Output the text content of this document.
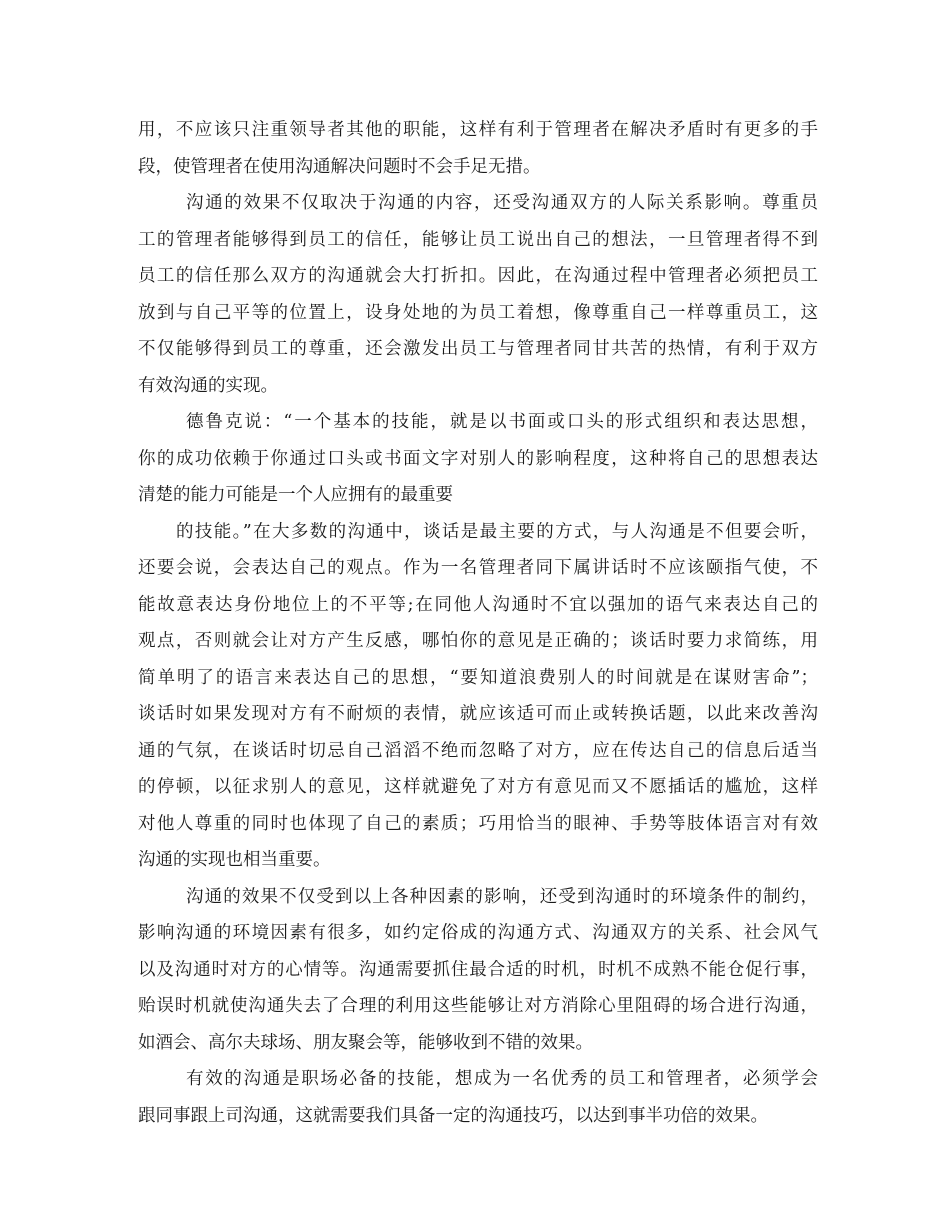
用，不应该只注重领导者其他的职能，这样有利于管理者在解决矛盾时有更多的手
段，使管理者在使用沟通解决问题时不会手足无措。
沟通的效果不仅取决于沟通的内容，还受沟通双方的人际关系影响。尊重员
工的管理者能够得到员工的信任，能够让员工说出自己的想法，一旦管理者得不到
员工的信任那么双方的沟通就会大打折扣。因此，在沟通过程中管理者必须把员工
放到与自己平等的位置上，设身处地的为员工着想，像尊重自己一样尊重员工，这
不仅能够得到员工的尊重，还会激发出员工与管理者同甘共苦的热情，有利于双方
有效沟通的实现。
德鲁克说：“一个基本的技能，就是以书面或口头的形式组织和表达思想，
你的成功依赖于你通过口头或书面文字对别人的影响程度，这种将自己的思想表达
清楚的能力可能是一个人应拥有的最重要
的技能。”在大多数的沟通中，谈话是最主要的方式，与人沟通是不但要会听，
还要会说，会表达自己的观点。作为一名管理者同下属讲话时不应该颐指气使，不
能故意表达身份地位上的不平等;在同他人沟通时不宜以强加的语气来表达自己的
观点，否则就会让对方产生反感，哪怕你的意见是正确的；谈话时要力求简练，用
简单明了的语言来表达自己的思想，“要知道浪费别人的时间就是在谋财害命”；
谈话时如果发现对方有不耐烦的表情，就应该适可而止或转换话题，以此来改善沟
通的气氛，在谈话时切忌自己滔滔不绝而忽略了对方，应在传达自己的信息后适当
的停顿，以征求别人的意见，这样就避免了对方有意见而又不愿插话的尴尬，这样
对他人尊重的同时也体现了自己的素质；巧用恰当的眼神、手势等肢体语言对有效
沟通的实现也相当重要。
沟通的效果不仅受到以上各种因素的影响，还受到沟通时的环境条件的制约，
影响沟通的环境因素有很多，如约定俗成的沟通方式、沟通双方的关系、社会风气
以及沟通时对方的心情等。沟通需要抓住最合适的时机，时机不成熟不能仓促行事，
贻误时机就使沟通失去了合理的利用这些能够让对方消除心里阻碍的场合进行沟通，
如酒会、高尔夫球场、朋友聚会等，能够收到不错的效果。
有效的沟通是职场必备的技能，想成为一名优秀的员工和管理者，必须学会
跟同事跟上司沟通，这就需要我们具备一定的沟通技巧，以达到事半功倍的效果。
